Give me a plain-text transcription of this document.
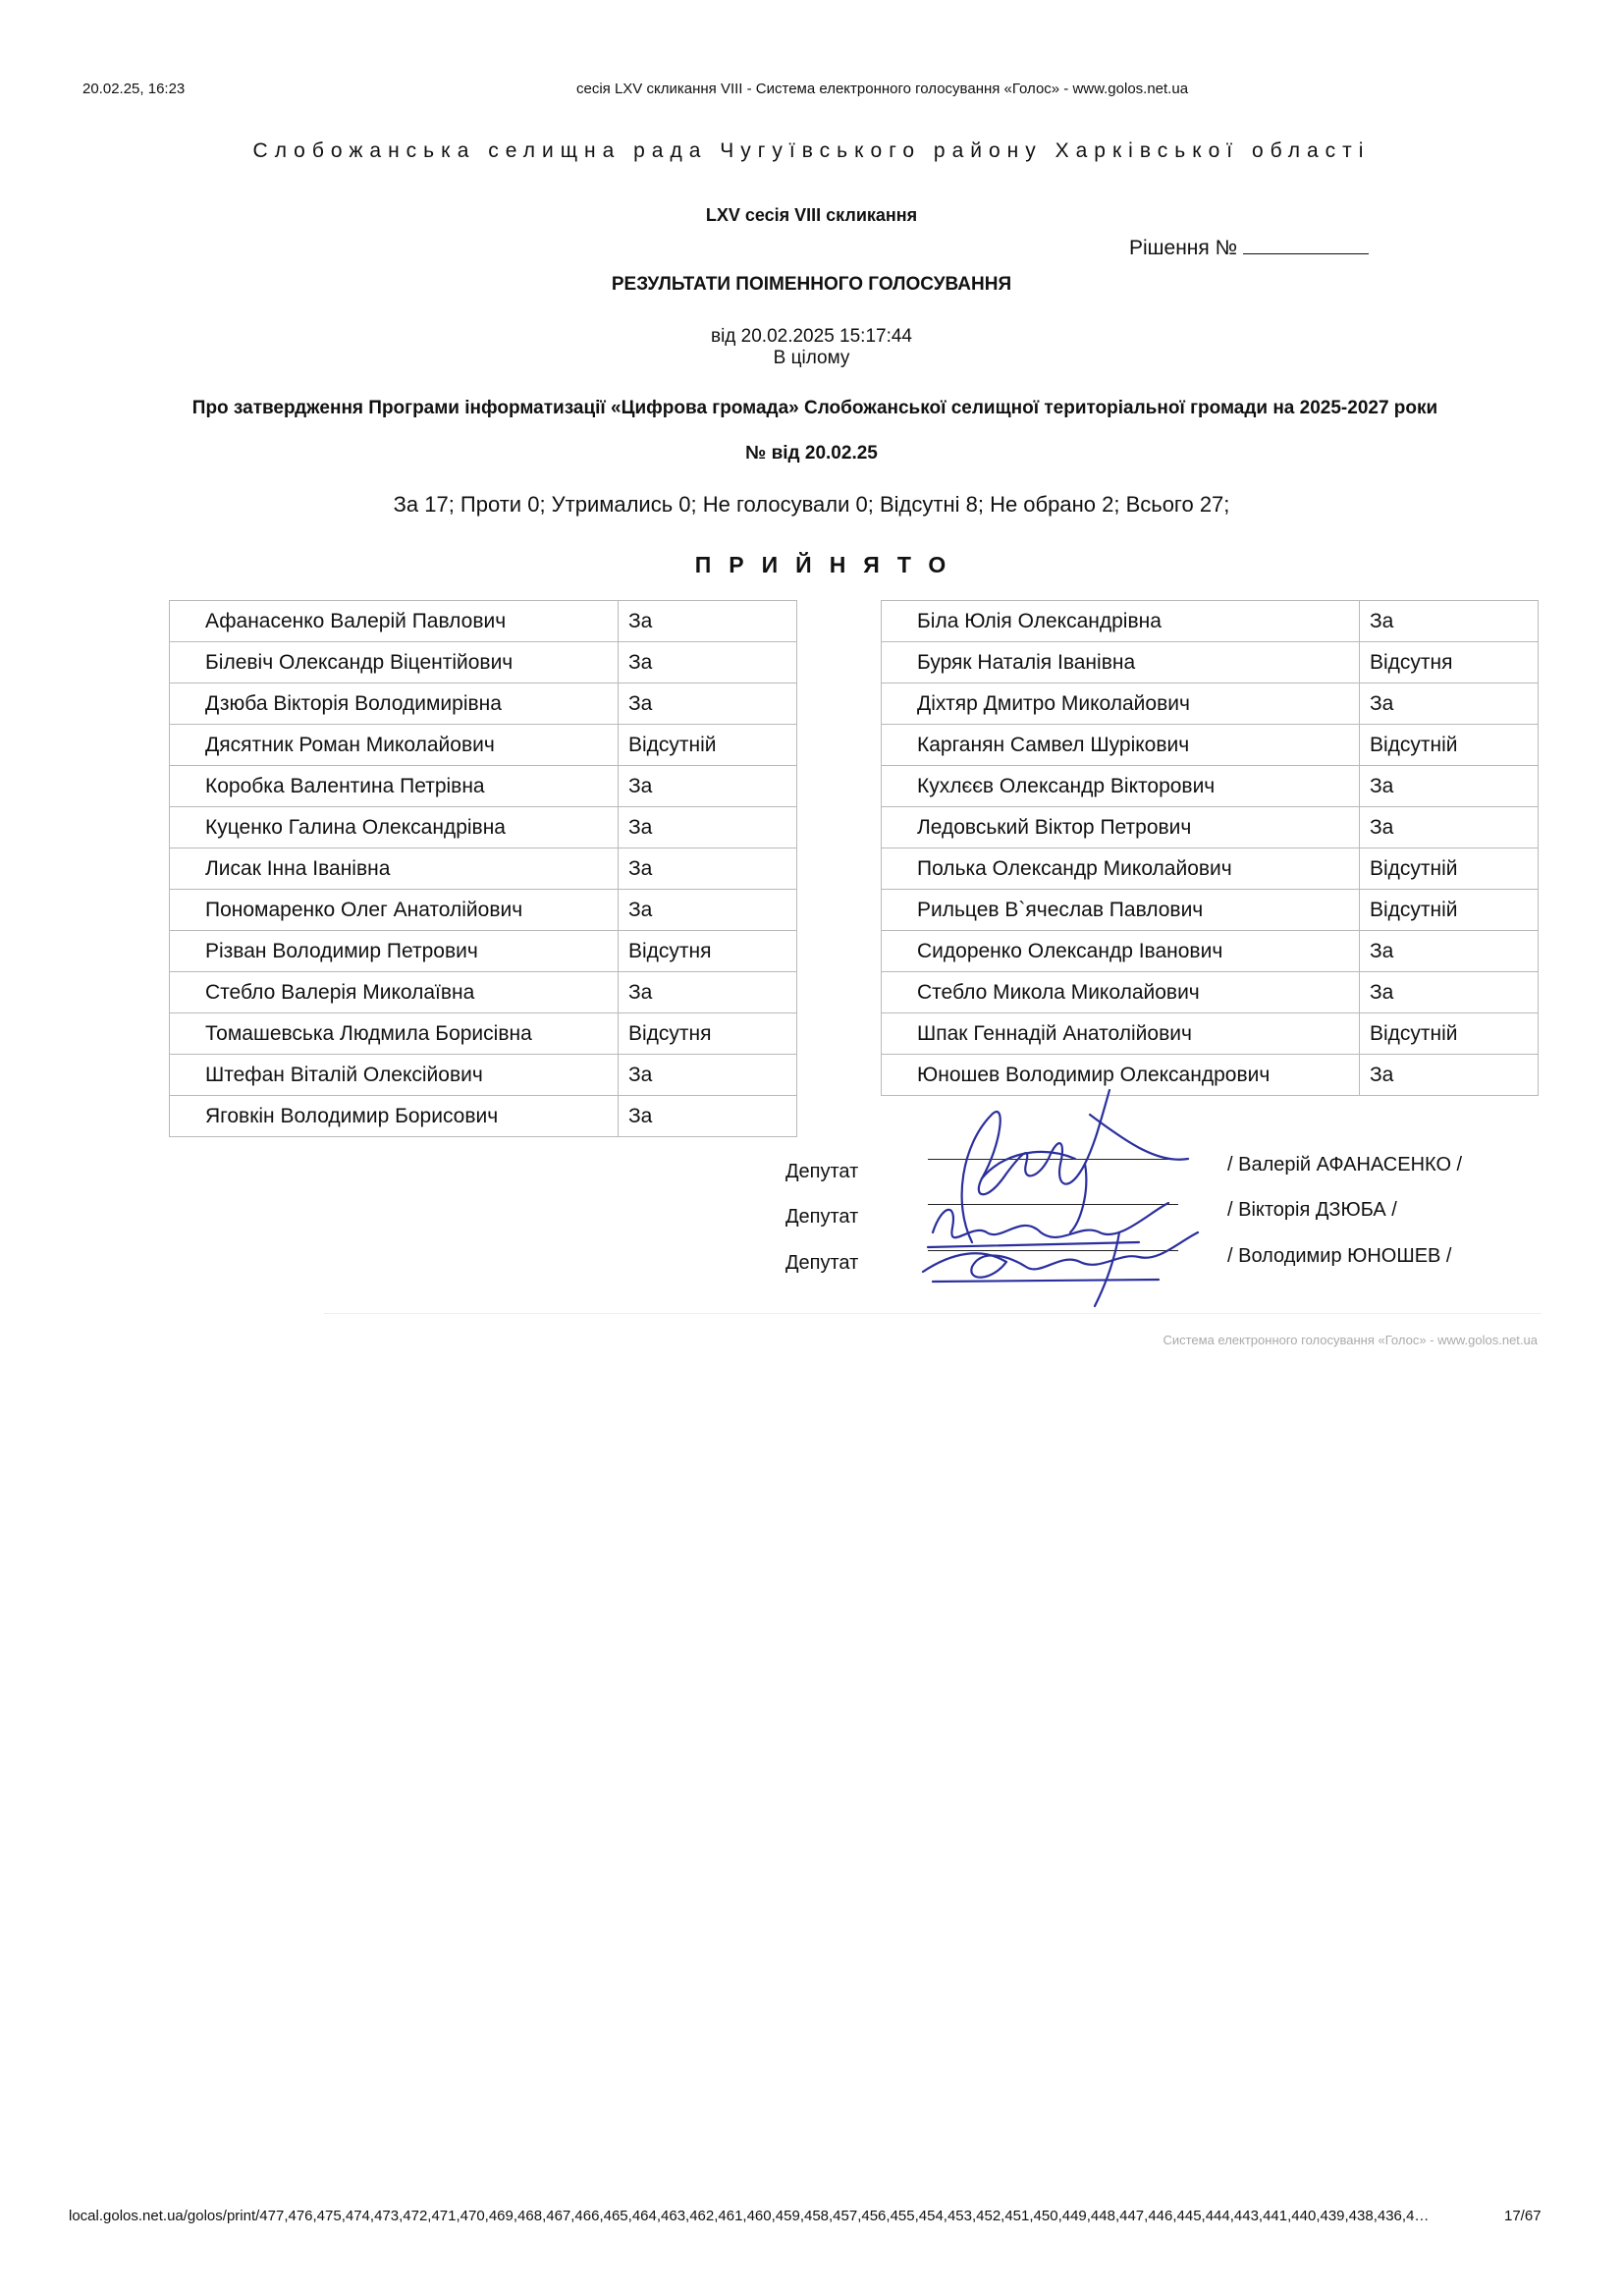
20.02.25, 16:23	сесія LXV скликання VIII - Система електронного голосування «Голос» - www.golos.net.ua
Слобожанська селищна рада Чугуївського району Харківської області
LXV сесія VIII скликання
Рішення №
РЕЗУЛЬТАТИ ПОІМЕННОГО ГОЛОСУВАННЯ
від 20.02.2025 15:17:44
В цілому
Про затвердження Програми інформатизації «Цифрова громада» Слобожанської селищної територіальної громади на 2025-2027 роки
№ від 20.02.25
За 17; Проти 0; Утримались 0; Не голосували 0; Відсутні 8; Не обрано 2; Всього 27;
ПРИЙНЯТО
Афанасенко Валерій Павлович	За
Білевіч Олександр Віцентійович	За
Дзюба Вікторія Володимирівна	За
Дясятник Роман Миколайович	Відсутній
Коробка Валентина Петрівна	За
Куценко Галина Олександрівна	За
Лисак Інна Іванівна	За
Пономаренко Олег Анатолійович	За
Різван Володимир Петрович	Відсутня
Стебло Валерія Миколаївна	За
Томашевська Людмила Борисівна	Відсутня
Штефан Віталій Олексійович	За
Яговкін Володимир Борисович	За
Біла Юлія Олександрівна	За
Буряк Наталія Іванівна	Відсутня
Діхтяр Дмитро Миколайович	За
Карганян Самвел Шурікович	Відсутній
Кухлєєв Олександр Вікторович	За
Ледовський Віктор Петрович	За
Полька Олександр Миколайович	Відсутній
Рильцев В`ячеслав Павлович	Відсутній
Сидоренко Олександр Іванович	За
Стебло Микола Миколайович	За
Шпак Геннадій Анатолійович	Відсутній
Юношев Володимир Олександрович	За
Депутат
Депутат
Депутат
/ Валерій АФАНАСЕНКО /
/ Вікторія ДЗЮБА /
/ Володимир ЮНОШЕВ /
Система електронного голосування «Голос» - www.golos.net.ua
local.golos.net.ua/golos/print/477,476,475,474,473,472,471,470,469,468,467,466,465,464,463,462,461,460,459,458,457,456,455,454,453,452,451,450,449,448,447,446,445,444,443,441,440,439,438,436,4…	17/67
